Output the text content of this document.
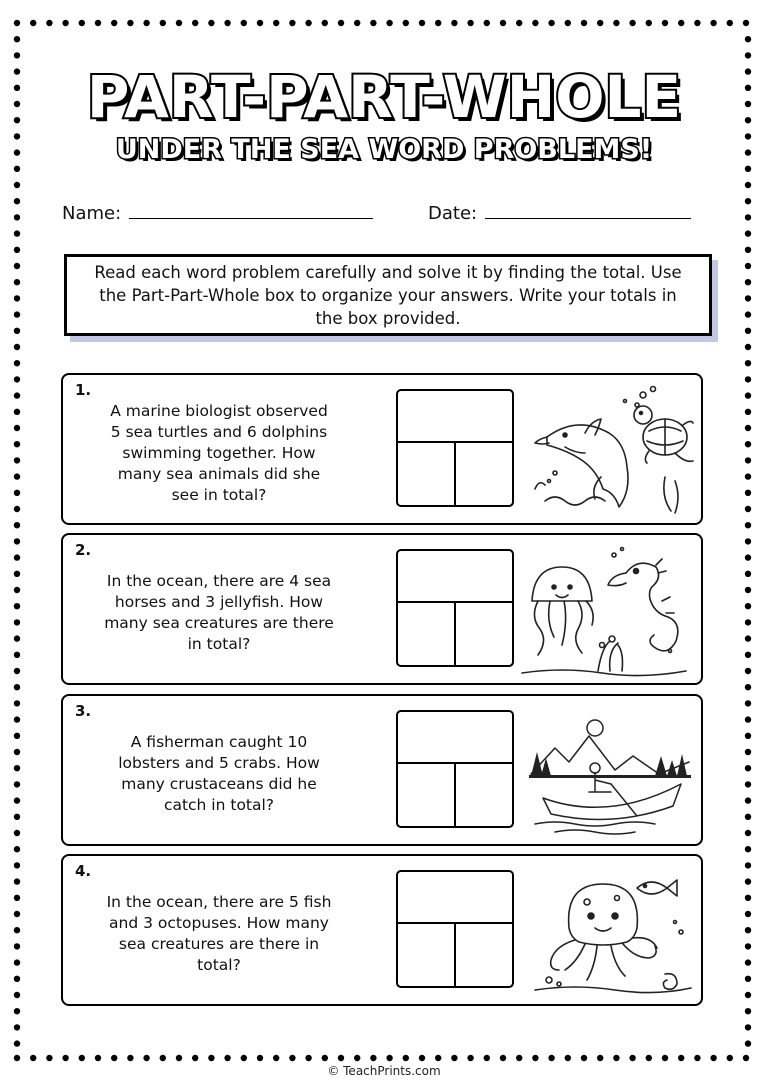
PART-PART-WHOLE
UNDER THE SEA WORD PROBLEMS!
Name:	Date:
Read each word problem carefully and solve it by finding the total. Use the Part-Part-Whole box to organize your answers. Write your totals in the box provided.
1.
A marine biologist observed 5 sea turtles and 6 dolphins swimming together. How many sea animals did she see in total?
2.
In the ocean, there are 4 sea horses and 3 jellyfish. How many sea creatures are there in total?
3.
A fisherman caught 10 lobsters and 5 crabs. How many crustaceans did he catch in total?
4.
In the ocean, there are 5 fish and 3 octopuses. How many sea creatures are there in total?
© TeachPrints.com
